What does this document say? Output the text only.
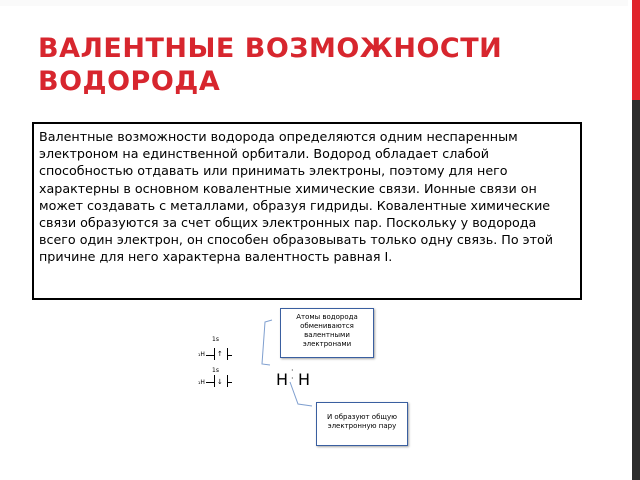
ВАЛЕНТНЫЕ ВОЗМОЖНОСТИ ВОДОРОДА

Валентные возможности водорода определяются одним неспаренным электроном на единственной орбитали. Водород обладает слабой способностью отдавать или принимать электроны, поэтому для него характерны в основном ковалентные химические связи. Ионные связи он может создавать с металлами, образуя гидриды. Ковалентные химические связи образуются за счет общих электронных пар. Поскольку у водорода всего один электрон, он способен образовывать только одну связь. По этой причине для него характерна валентность равная I.

1s
₁H ↑
1s
₁H ↓	H ·
· H
Атомы водорода обмениваются валентными электронами
И образуют общую электронную пару
